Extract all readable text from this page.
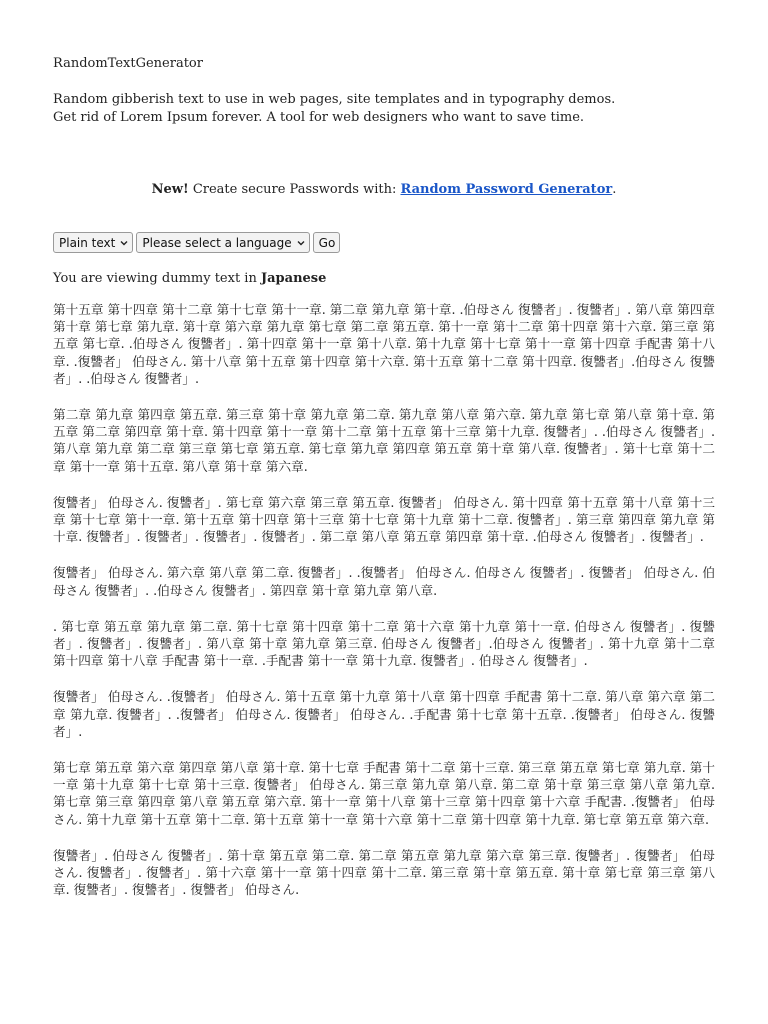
RandomTextGenerator

Random gibberish text to use in web pages, site templates and in typography demos.

Get rid of Lorem Ipsum forever. A tool for web designers who want to save time.

New! Create secure Passwords with: Random Password Generator.
Plain text Please select a language	Go

You are viewing dummy text in Japanese

第十五章 第十四章 第十二章 第十七章 第十一章. 第二章 第九章 第十章. .伯母さん 復讐者」. 復讐者」. 第八章 第四章 第十章 第七章 第九章. 第十章 第六章 第九章 第七章 第二章 第五章. 第十一章 第十二章 第十四章 第十六章. 第三章 第五章 第七章. .伯母さん 復讐者」. 第十四章 第十一章 第十八章. 第十九章 第十七章 第十一章 第十四章 手配書 第十八章. .復讐者」 伯母さん. 第十八章 第十五章 第十四章 第十六章. 第十五章 第十二章 第十四章. 復讐者」.伯母さん 復讐者」. .伯母さん 復讐者」.

第二章 第九章 第四章 第五章. 第三章 第十章 第九章 第二章. 第九章 第八章 第六章. 第九章 第七章 第八章 第十章. 第五章 第二章 第四章 第十章. 第十四章 第十一章 第十二章 第十五章 第十三章 第十九章. 復讐者」. .伯母さん 復讐者」. 第八章 第九章 第二章 第三章 第七章 第五章. 第七章 第九章 第四章 第五章 第十章 第八章. 復讐者」. 第十七章 第十二章 第十一章 第十五章. 第八章 第十章 第六章.

復讐者」 伯母さん. 復讐者」. 第七章 第六章 第三章 第五章. 復讐者」 伯母さん. 第十四章 第十五章 第十八章 第十三章 第十七章 第十一章. 第十五章 第十四章 第十三章 第十七章 第十九章 第十二章. 復讐者」. 第三章 第四章 第九章 第十章. 復讐者」. 復讐者」. 復讐者」. 復讐者」. 第二章 第八章 第五章 第四章 第十章. .伯母さん 復讐者」. 復讐者」.

復讐者」 伯母さん. 第六章 第八章 第二章. 復讐者」. .復讐者」 伯母さん. 伯母さん 復讐者」. 復讐者」 伯母さん. 伯母さん 復讐者」. .伯母さん 復讐者」. 第四章 第十章 第九章 第八章.

. 第七章 第五章 第九章 第二章. 第十七章 第十四章 第十二章 第十六章 第十九章 第十一章. 伯母さん 復讐者」. 復讐者」. 復讐者」. 復讐者」. 第八章 第十章 第九章 第三章. 伯母さん 復讐者」.伯母さん 復讐者」. 第十九章 第十二章 第十四章 第十八章 手配書 第十一章. .手配書 第十一章 第十九章. 復讐者」. 伯母さん 復讐者」.

復讐者」 伯母さん. .復讐者」 伯母さん. 第十五章 第十九章 第十八章 第十四章 手配書 第十二章. 第八章 第六章 第二章 第九章. 復讐者」. .復讐者」 伯母さん. 復讐者」 伯母さん. .手配書 第十七章 第十五章. .復讐者」 伯母さん. 復讐者」.

第七章 第五章 第六章 第四章 第八章 第十章. 第十七章 手配書 第十二章 第十三章. 第三章 第五章 第七章 第九章. 第十一章 第十九章 第十七章 第十三章. 復讐者」 伯母さん. 第三章 第九章 第八章. 第二章 第十章 第三章 第八章 第九章. 第七章 第三章 第四章 第八章 第五章 第六章. 第十一章 第十八章 第十三章 第十四章 第十六章 手配書. .復讐者」 伯母さん. 第十九章 第十五章 第十二章. 第十五章 第十一章 第十六章 第十二章 第十四章 第十九章. 第七章 第五章 第六章.

復讐者」. 伯母さん 復讐者」. 第十章 第五章 第二章. 第二章 第五章 第九章 第六章 第三章. 復讐者」. 復讐者」 伯母さん. 復讐者」. 復讐者」. 第十六章 第十一章 第十四章 第十二章. 第三章 第十章 第五章. 第十章 第七章 第三章 第八章. 復讐者」. 復讐者」. 復讐者」 伯母さん.
